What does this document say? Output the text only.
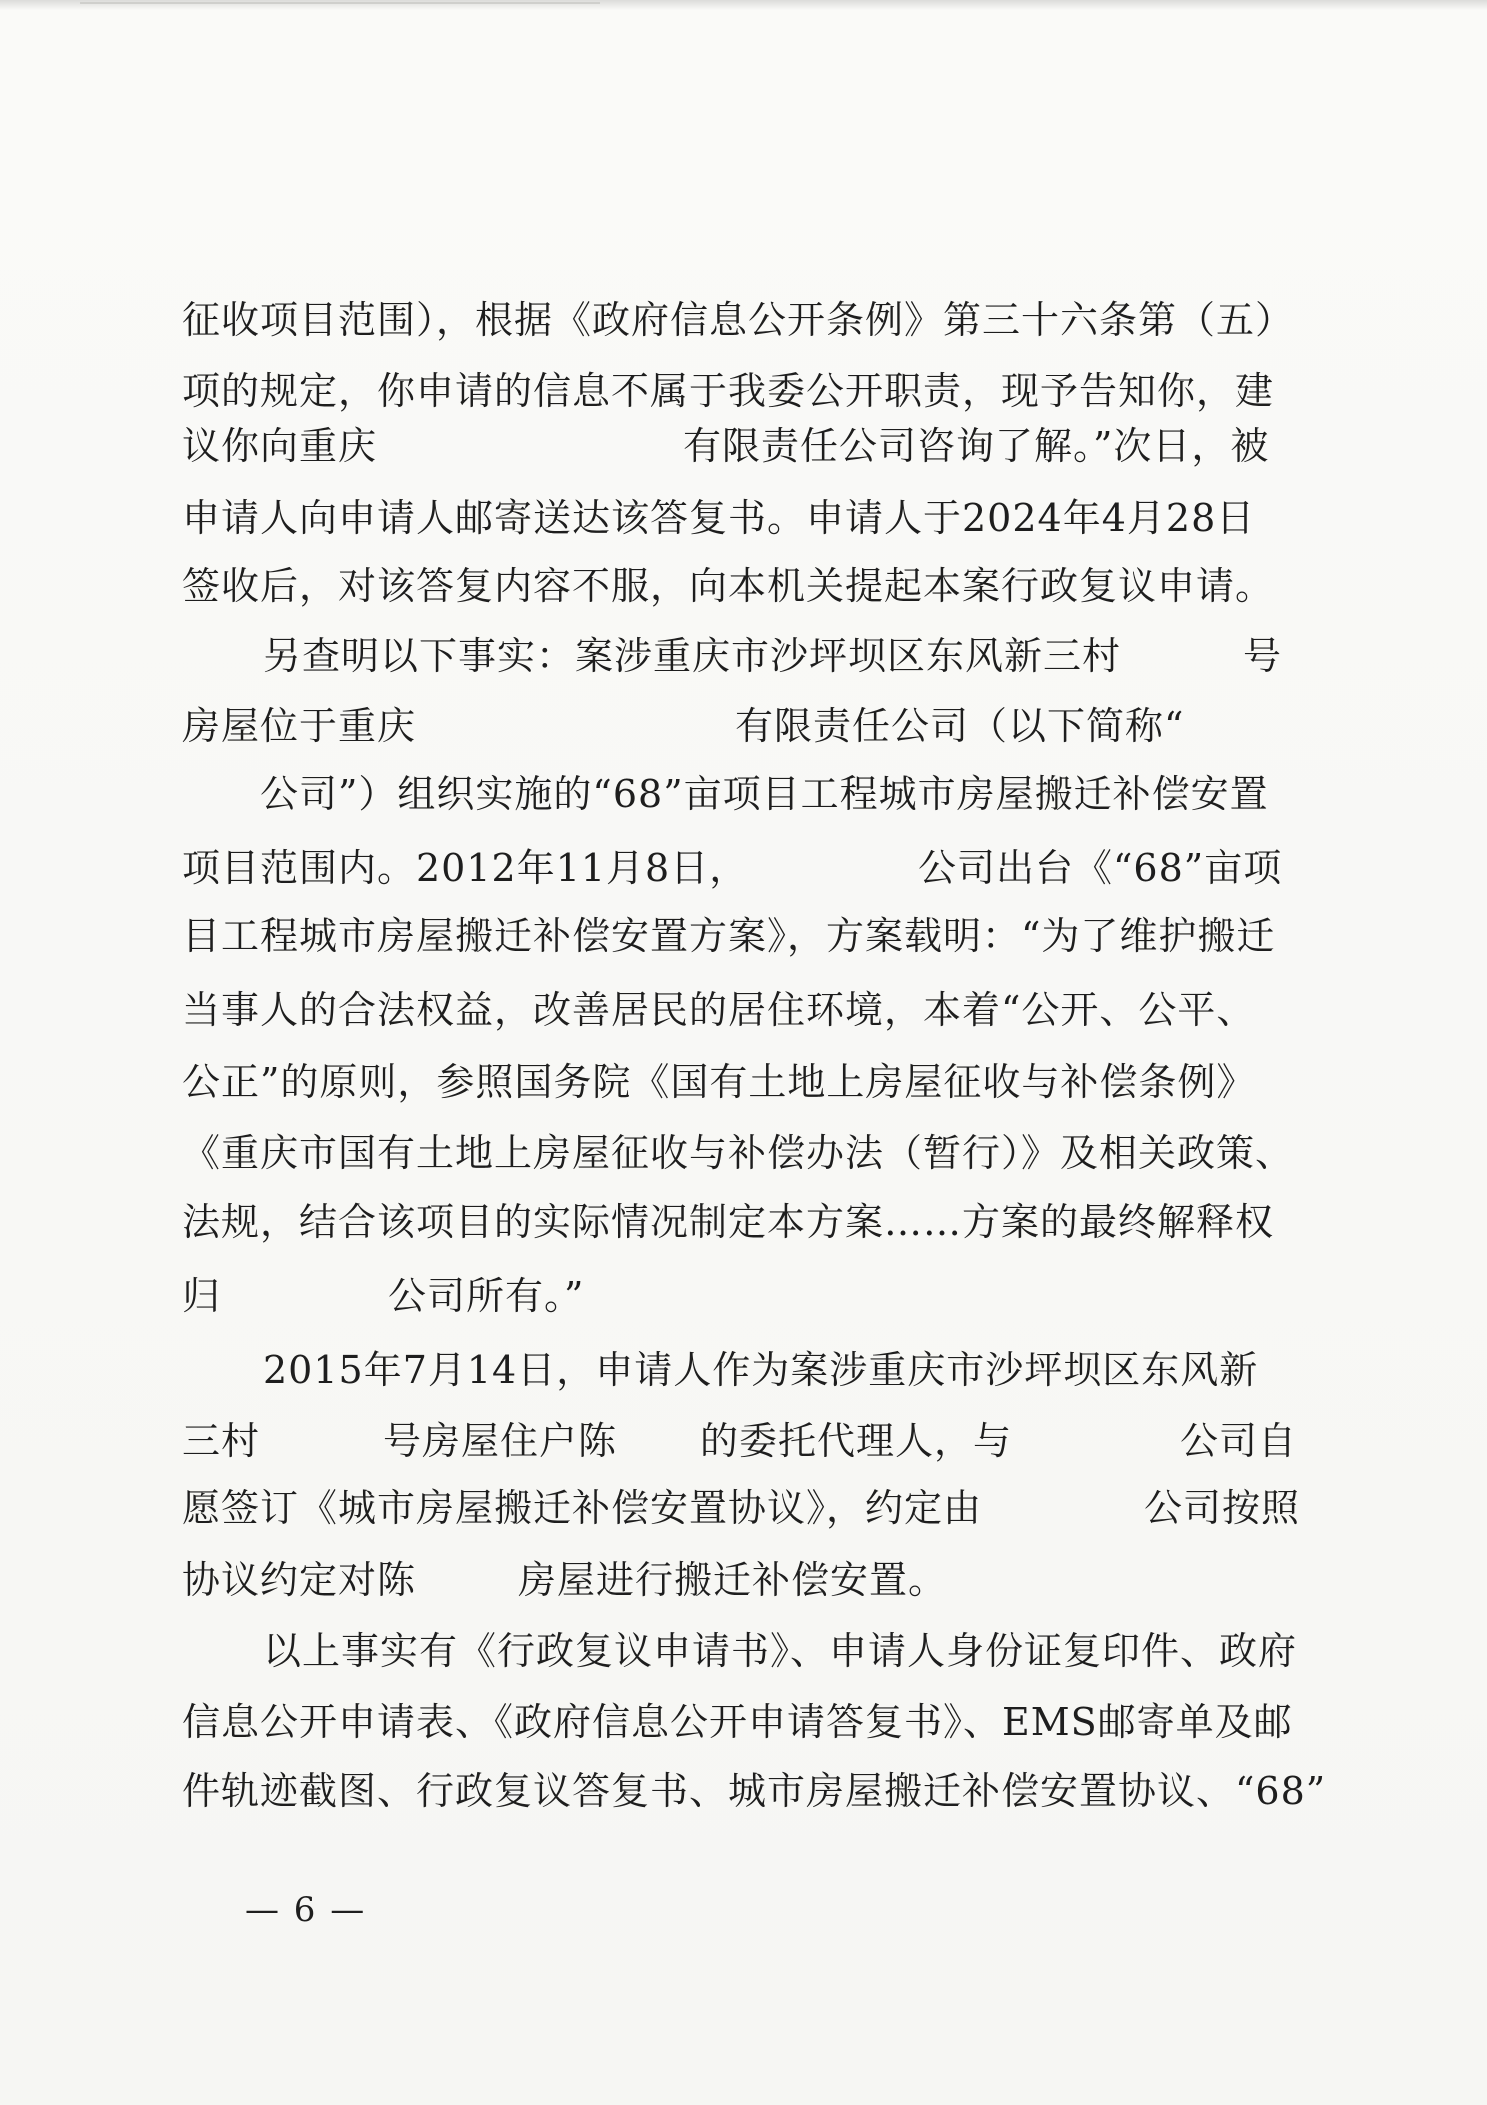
征收项目范围），根据《政府信息公开条例》第三十六条第（五）

项的规定，你申请的信息不属于我委公开职责，现予告知你，建

议你向重庆

	有限责任公司咨询了解。”次日，被

申请人向申请人邮寄送达该答复书。申请人于2024年4月28日

签收后，对该答复内容不服，向本机关提起本案行政复议申请。

另查明以下事实：案涉重庆市沙坪坝区东风新三村

	号

房屋位于重庆

	有限责任公司（以下简称“

公司”）组织实施的“68”亩项目工程城市房屋搬迁补偿安置

项目范围内。2012年11月8日，

	公司出台《“68”亩项

目工程城市房屋搬迁补偿安置方案》，方案载明：“为了维护搬迁

当事人的合法权益，改善居民的居住环境，本着“公开、公平、

公正”的原则，参照国务院《国有土地上房屋征收与补偿条例》

《重庆市国有土地上房屋征收与补偿办法（暂行）》及相关政策、

法规，结合该项目的实际情况制定本方案……方案的最终解释权

归

	公司所有。”

2015年7月14日，申请人作为案涉重庆市沙坪坝区东风新

三村

	号房屋住户陈

的委托代理人，与

	公司自

愿签订《城市房屋搬迁补偿安置协议》，约定由

	公司按照

协议约定对陈

	房屋进行搬迁补偿安置。

以上事实有《行政复议申请书》、申请人身份证复印件、政府

信息公开申请表、《政府信息公开申请答复书》、EMS邮寄单及邮

件轨迹截图、行政复议答复书、城市房屋搬迁补偿安置协议、“68”

— 6 —
